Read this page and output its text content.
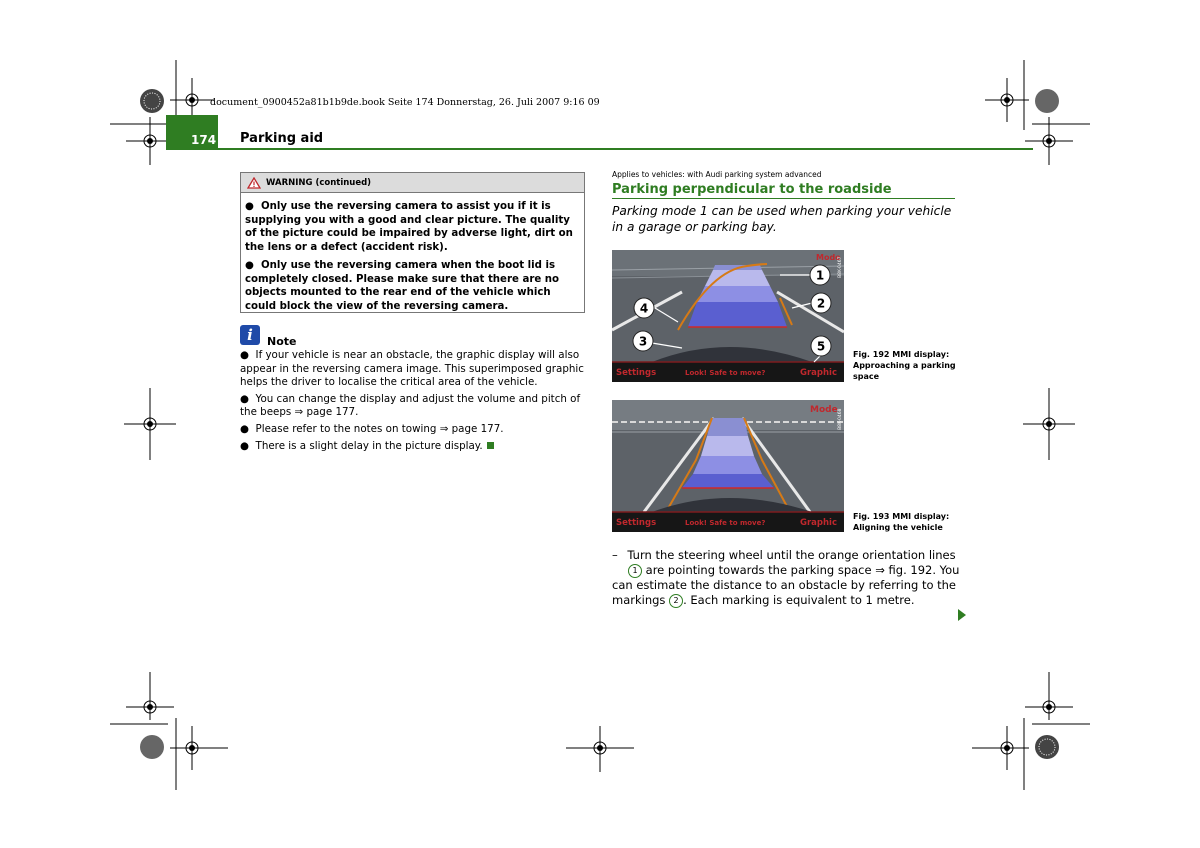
document_0900452a81b1b9de.book Seite 174 Donnerstag, 26. Juli 2007 9:16 09
174 Parking aid
WARNING (continued)

●  Only use the reversing camera to assist you if it is supplying you with a good and clear picture. The quality of the picture could be impaired by adverse light, dirt on the lens or a defect (accident risk).

●  Only use the reversing camera when the boot lid is completely closed. Please make sure that there are no objects mounted to the rear end of the vehicle which could block the view of the reversing camera.

i	Note

●  If your vehicle is near an obstacle, the graphic display will also appear in the reversing camera image. This superimposed graphic helps the driver to localise the critical area of the vehicle.

●  You can change the display and adjust the volume and pitch of the beeps ⇒ page 177.

●  Please refer to the notes on towing ⇒ page 177.

●  There is a slight delay in the picture display.

Applies to vehicles: with Audi parking system advanced
Parking perpendicular to the roadside
Parking mode 1 can be used when parking your vehicle in a garage or parking bay.
Settings	Look! Safe to move?	Graphic
Mode
B8K-0467
1
2
3
4
5
Fig. 192 MMI display: Approaching a parking space
Settings	Look! Safe to move?	Graphic
Mode B8K-0468
Fig. 193 MMI display: Aligning the vehicle
– Turn the steering wheel until the orange orientation lines
1 are pointing towards the parking space ⇒ fig. 192. You can estimate the distance to an obstacle by referring to the markings 2 . Each marking is equivalent to 1 metre.
